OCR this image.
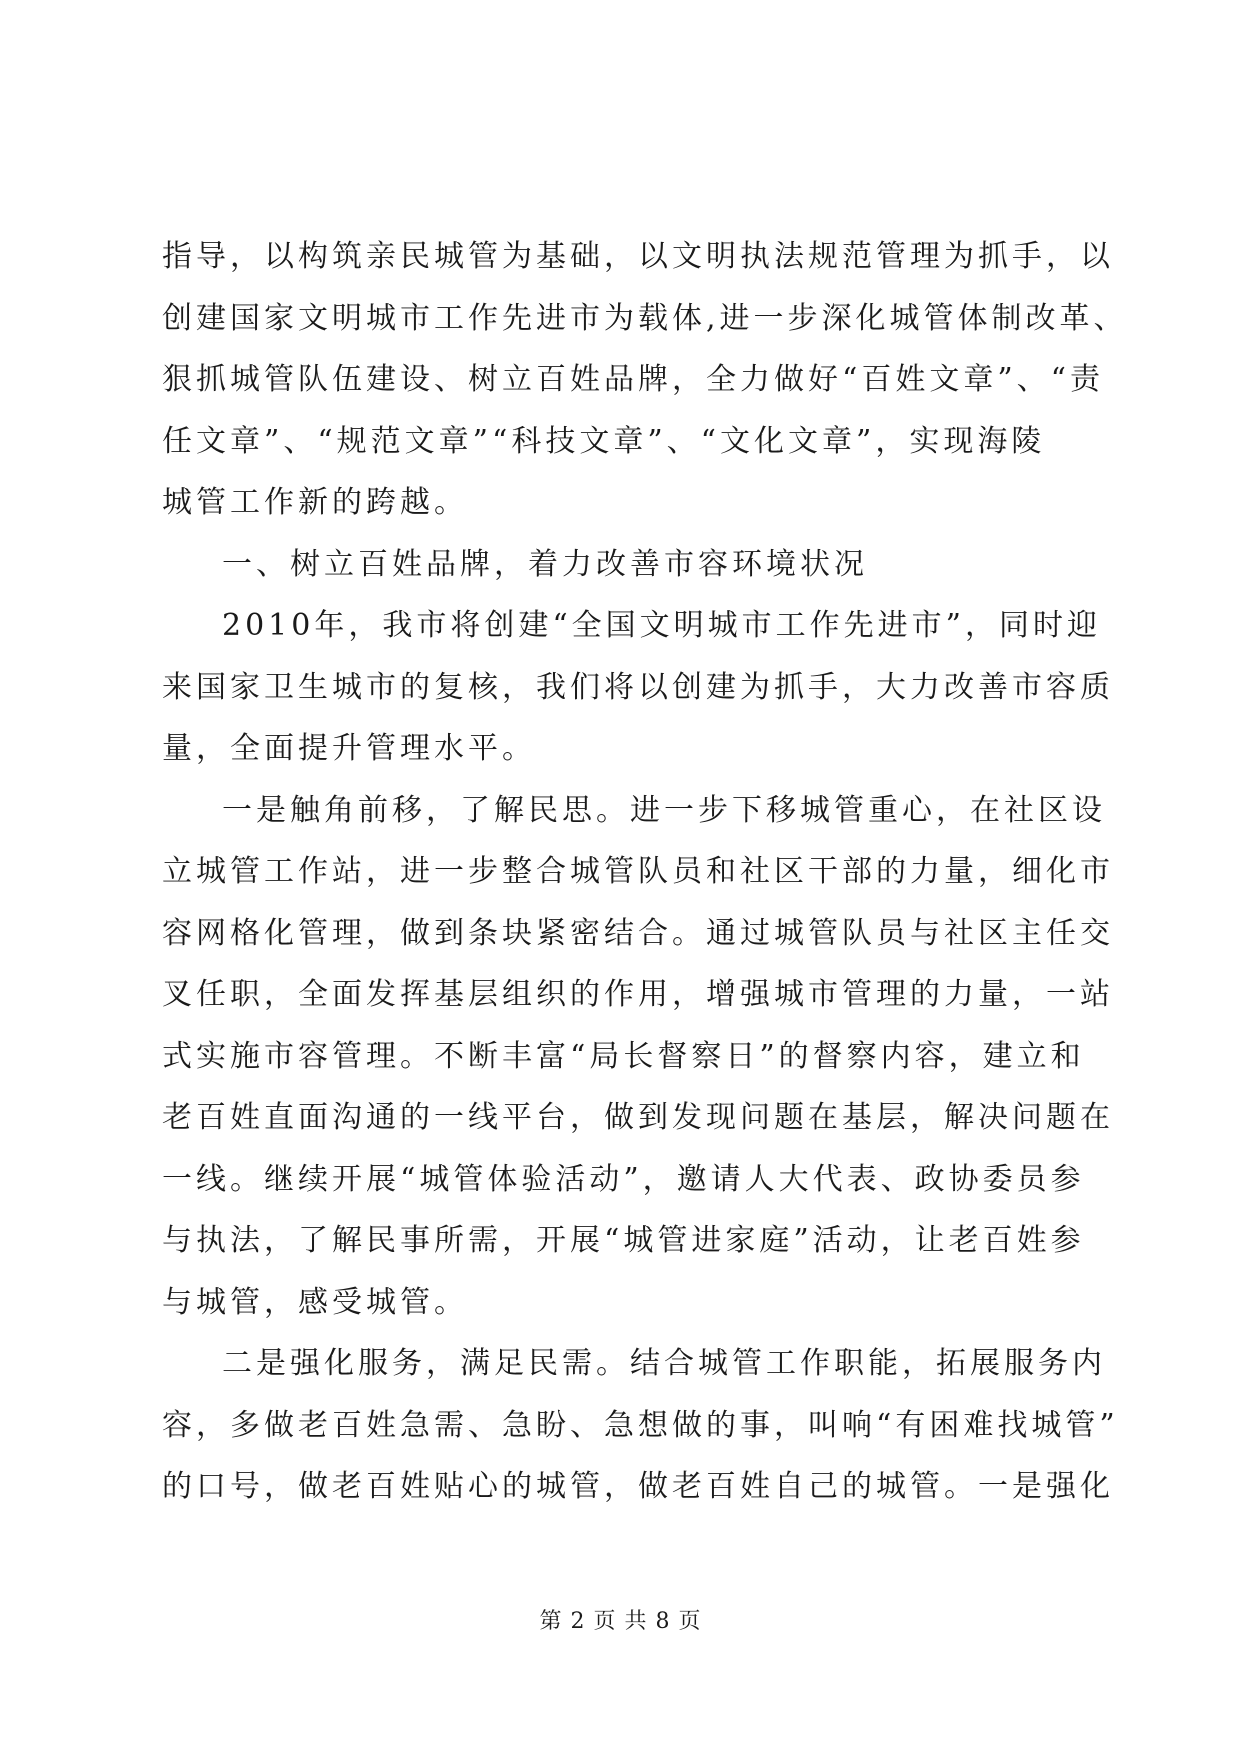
指导，以构筑亲民城管为基础，以文明执法规范管理为抓手，以
创建国家文明城市工作先进市为载体,进一步深化城管体制改革、
狠抓城管队伍建设、树立百姓品牌，全力做好“百姓文章”、“责
任文章”、“规范文章”“科技文章”、“文化文章”，实现海陵
城管工作新的跨越。
一、树立百姓品牌，着力改善市容环境状况
2010年，我市将创建“全国文明城市工作先进市”，同时迎
来国家卫生城市的复核，我们将以创建为抓手，大力改善市容质
量，全面提升管理水平。
一是触角前移，了解民思。进一步下移城管重心，在社区设
立城管工作站，进一步整合城管队员和社区干部的力量，细化市
容网格化管理，做到条块紧密结合。通过城管队员与社区主任交
叉任职，全面发挥基层组织的作用，增强城市管理的力量，一站
式实施市容管理。不断丰富“局长督察日”的督察内容，建立和
老百姓直面沟通的一线平台，做到发现问题在基层，解决问题在
一线。继续开展“城管体验活动”，邀请人大代表、政协委员参
与执法，了解民事所需，开展“城管进家庭”活动，让老百姓参
与城管，感受城管。
二是强化服务，满足民需。结合城管工作职能，拓展服务内
容，多做老百姓急需、急盼、急想做的事，叫响“有困难找城管”
的口号，做老百姓贴心的城管，做老百姓自己的城管。一是强化
第 2 页 共 8 页
